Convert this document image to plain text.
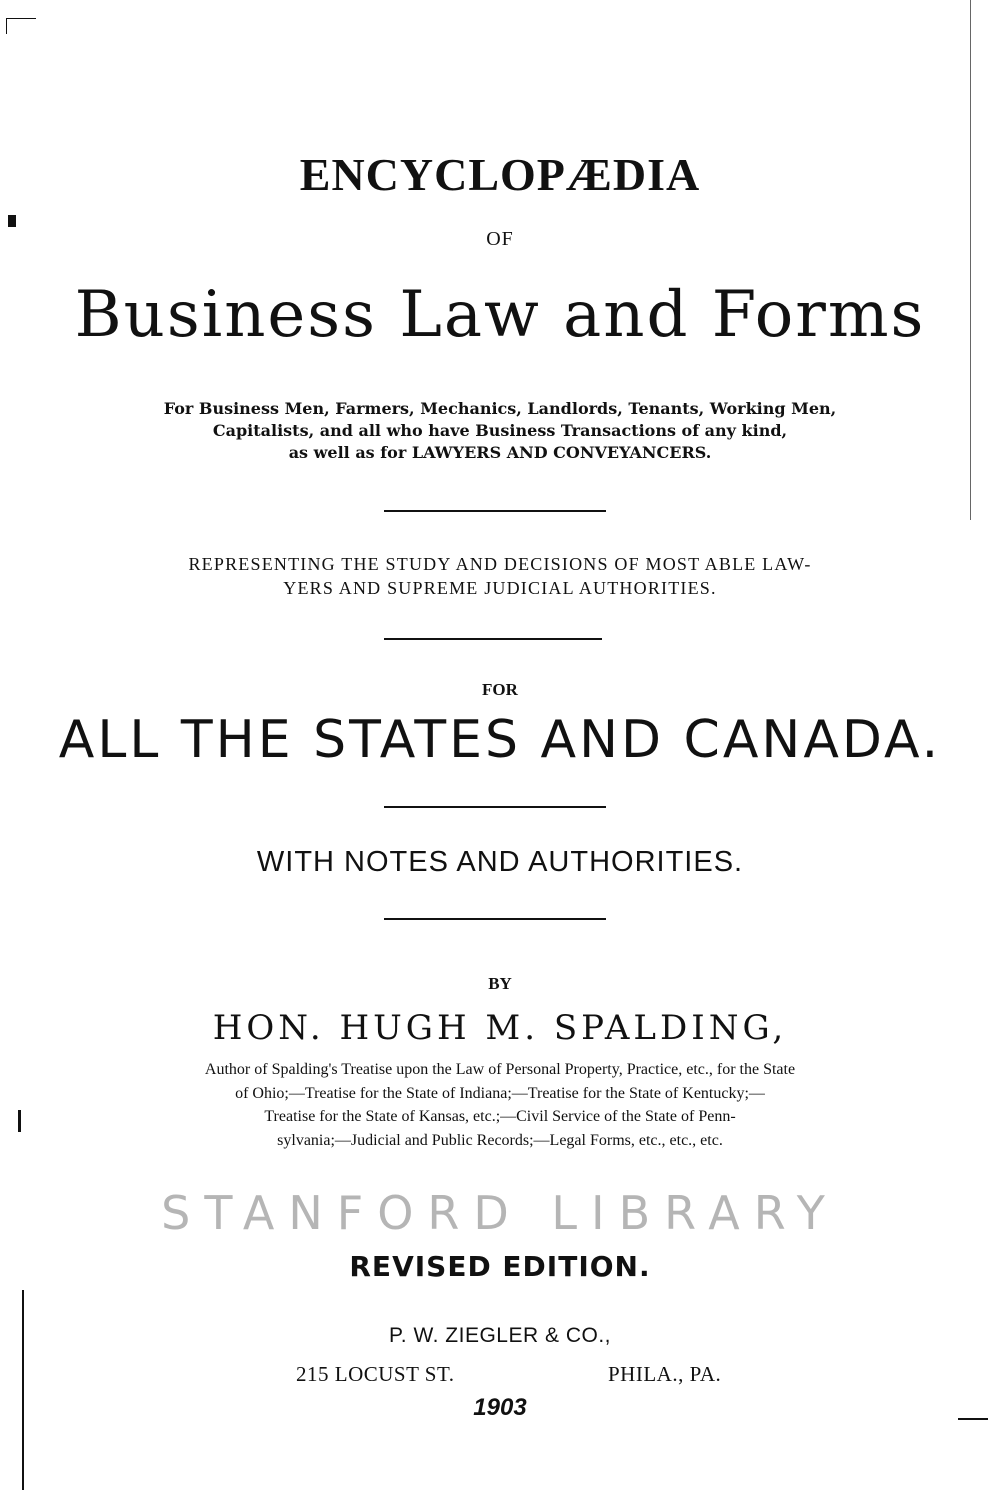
ENCYCLOPÆDIA
OF
Business Law and Forms
For Business Men, Farmers, Mechanics, Landlords, Tenants, Working Men,
Capitalists, and all who have Business Transactions of any kind,
as well as for LAWYERS AND CONVEYANCERS.
REPRESENTING THE STUDY AND DECISIONS OF MOST ABLE LAW-
YERS AND SUPREME JUDICIAL AUTHORITIES.
FOR
ALL THE STATES AND CANADA.
WITH NOTES AND AUTHORITIES.
BY
HON. HUGH M. SPALDING,
Author of Spalding's Treatise upon the Law of Personal Property, Practice, etc., for the State
of Ohio;—Treatise for the State of Indiana;—Treatise for the State of Kentucky;—
Treatise for the State of Kansas, etc.;—Civil Service of the State of Penn-
sylvania;—Judicial and Public Records;—Legal Forms, etc., etc., etc.
STANFORD LIBRARY
REVISED EDITION.
P. W. ZIEGLER & CO.,
215 LOCUST ST.	PHILA., PA.
1903
